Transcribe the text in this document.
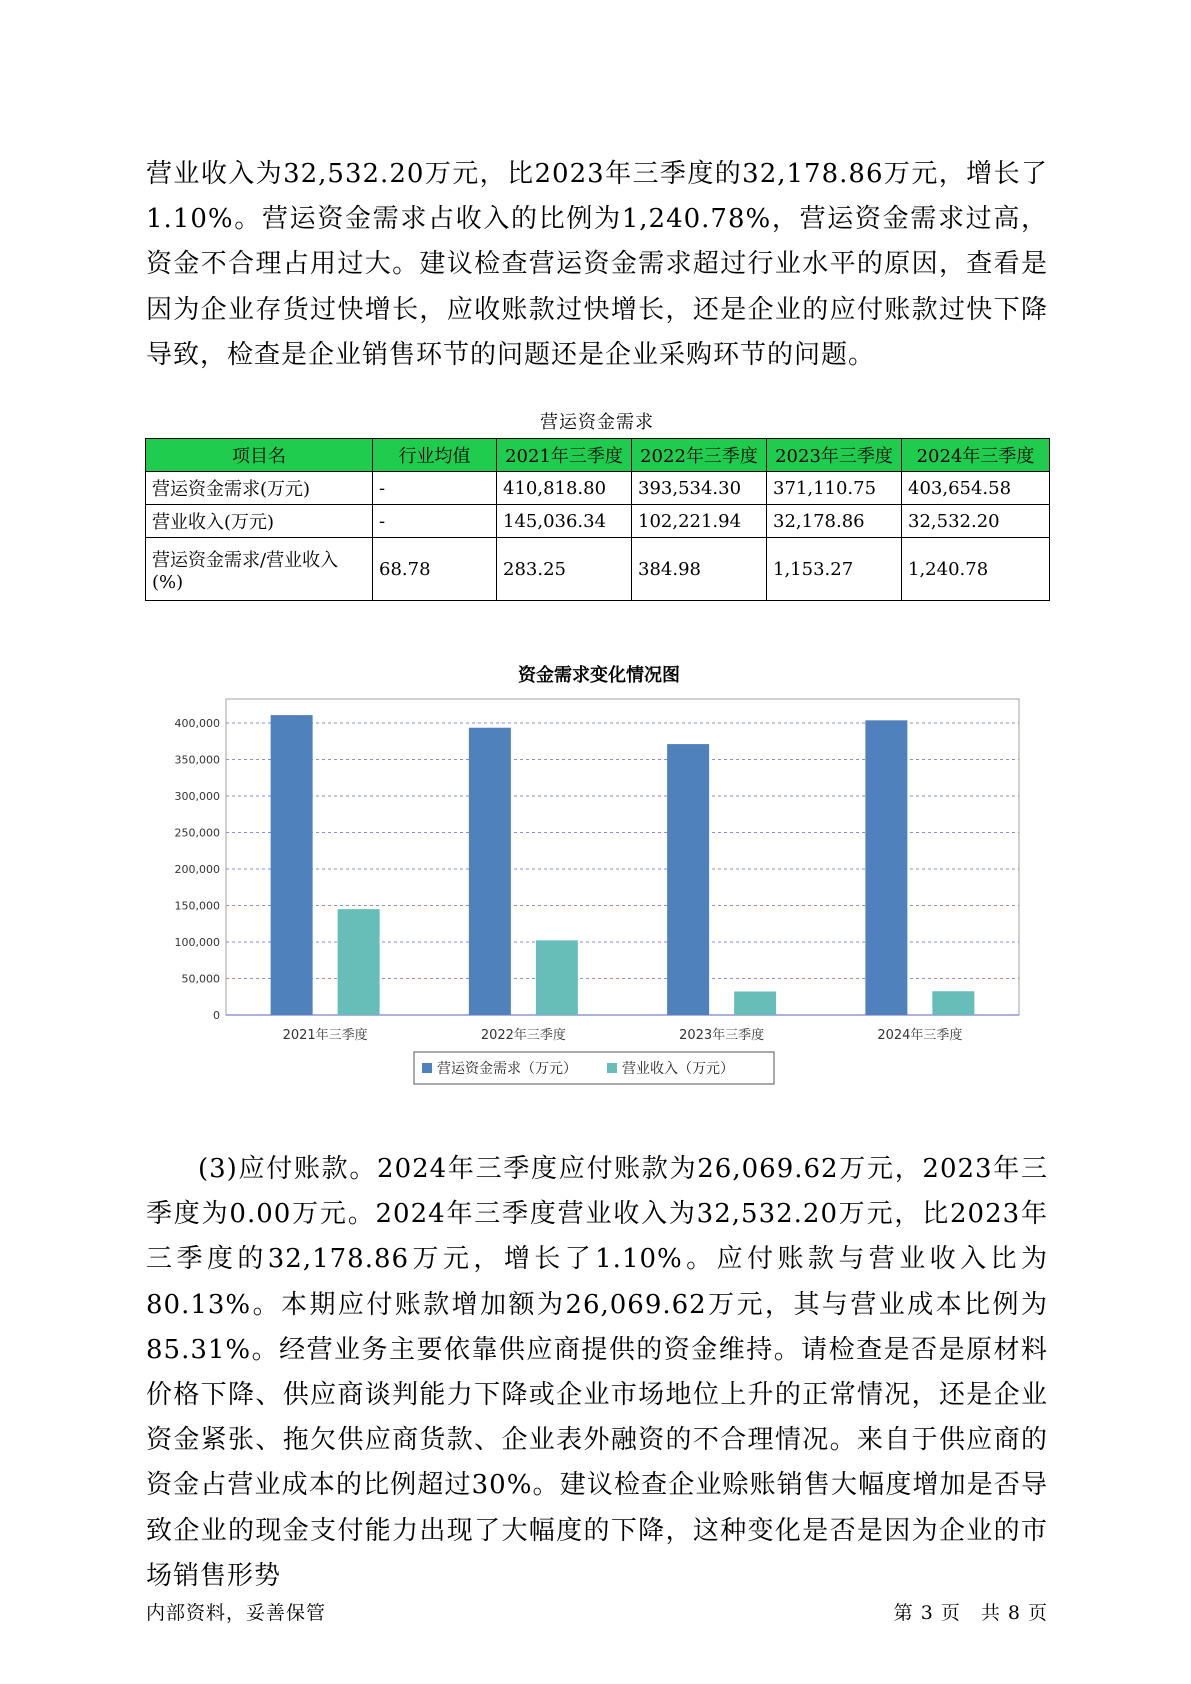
营业收入为32,532.20万元，比2023年三季度的32,178.86万元，增长了1.10%。营运资金需求占收入的比例为1,240.78%，营运资金需求过高，资金不合理占用过大。建议检查营运资金需求超过行业水平的原因，查看是因为企业存货过快增长，应收账款过快增长，还是企业的应付账款过快下降导致，检查是企业销售环节的问题还是企业采购环节的问题。

营运资金需求
项目名	行业均值	2021年三季度	2022年三季度	2023年三季度	2024年三季度
营运资金需求(万元)	-	410,818.80	393,534.30	371,110.75	403,654.58
营业收入(万元)	-	145,036.34	102,221.94	32,178.86	32,532.20
营运资金需求/营业收入(%)	68.78	283.25	384.98	1,153.27	1,240.78
资金需求变化情况图
0
50,000
100,000
150,000
200,000
250,000
300,000
350,000
400,000
2021年三季度	2022年三季度	2023年三季度	2024年三季度
营运资金需求（万元）	营业收入（万元）
内部资料，妥善保管	第 3 页　共 8 页

(3)应付账款。2024年三季度应付账款为26,069.62万元，2023年三季度为0.00万元。2024年三季度营业收入为32,532.20万元，比2023年三季度的32,178.86万元，增长了1.10%。应付账款与营业收入比为80.13%。本期应付账款增加额为26,069.62万元，其与营业成本比例为85.31%。经营业务主要依靠供应商提供的资金维持。请检查是否是原材料价格下降、供应商谈判能力下降或企业市场地位上升的正常情况，还是企业资金紧张、拖欠供应商货款、企业表外融资的不合理情况。来自于供应商的资金占营业成本的比例超过30%。建议检查企业赊账销售大幅度增加是否导致企业的现金支付能力出现了大幅度的下降，这种变化是否是因为企业的市场销售形势
